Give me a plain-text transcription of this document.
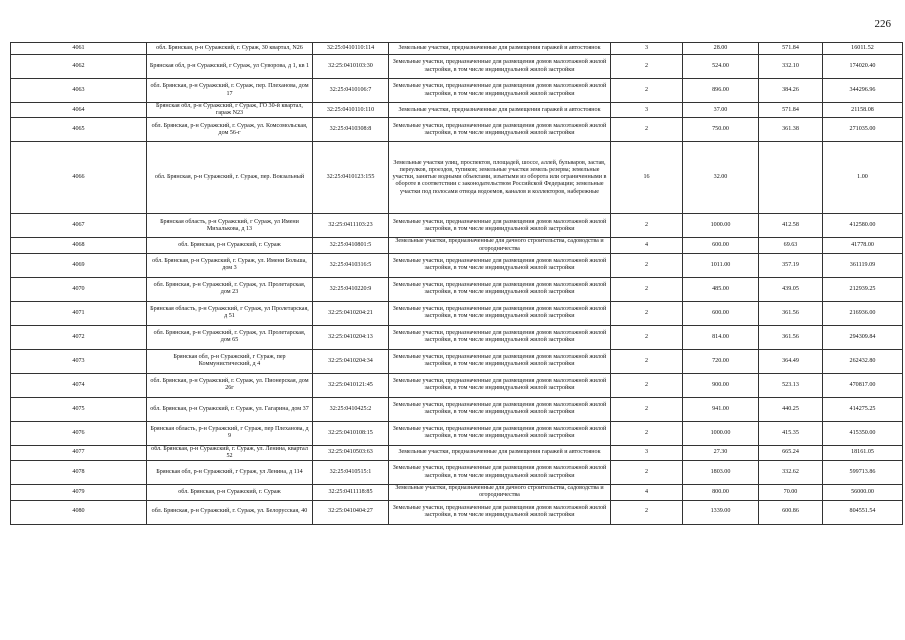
226
4061	обл. Брянская, р-н Суражский, г. Сураж, 30 квартал, N26	32:25:0410110:114	Земельные участки, предназначенные для размещения гаражей и автостоянок	3	28.00	571.84	16011.52
4062	Брянская обл, р-н Суражский, г Сураж, ул Суворова, д 1, кв 1	32:25:0410103:30	Земельные участки, предназначенные для размещения домов малоэтажной жилой застройки, в том числе индивидуальной жилой застройки	2	524.00	332.10	174020.40
4063	обл. Брянская, р-н Суражский, г. Сураж, пер. Плеханова, дом 17	32:25:0410106:7	Земельные участки, предназначенные для размещения домов малоэтажной жилой застройки, в том числе индивидуальной жилой застройки	2	896.00	384.26	344296.96
4064	Брянская обл, р-н Суражский, г Сураж, ГО 30-й квартал, гараж N23	32:25:0410110:110	Земельные участки, предназначенные для размещения гаражей и автостоянок	3	37.00	571.84	21158.08
4065	обл. Брянская, р-н Суражский, г. Сураж, ул. Комсомольская, дом 56-г	32:25:0410308:8	Земельные участки, предназначенные для размещения домов малоэтажной жилой застройки, в том числе индивидуальной жилой застройки	2	750.00	361.38	271035.00
4066	обл. Брянская, р-н Суражский, г. Сураж, пер. Вокзальный	32:25:0410123:155	Земельные участки улиц, проспектов, площадей, шоссе, аллей, бульваров, застав, переулков, проездов, тупиков; земельные участки земель резерва; земельные участки, занятые водными объектами, изъятыми из оборота или ограниченными в обороте в соответствии с законодательством Российской Федерации; земельные участки под полосами отвода водоемов, каналов и коллекторов, набережные	16	32.00		1.00
4067	Брянская область, р-н Суражский, г Сураж, ул Имени Михалькова, д 13	32:25:0411103:23	Земельные участки, предназначенные для размещения домов малоэтажной жилой застройки, в том числе индивидуальной жилой застройки	2	1000.00	412.58	412580.00
4068	обл. Брянская, р-н Суражский, г. Сураж	32:25:0410801:5	Земельные участки, предназначенные для дачного строительства, садоводства и огородничества	4	600.00	69.63	41778.00
4069	обл. Брянская, р-н Суражский, г. Сураж, ул. Имени Больша, дом 3	32:25:0410316:5	Земельные участки, предназначенные для размещения домов малоэтажной жилой застройки, в том числе индивидуальной жилой застройки	2	1011.00	357.19	361119.09
4070	обл. Брянская, р-н Суражский, г. Сураж, ул. Пролетарская, дом 23	32:25:0410220:9	Земельные участки, предназначенные для размещения домов малоэтажной жилой застройки, в том числе индивидуальной жилой застройки	2	485.00	439.05	212939.25
4071	Брянская область, р-н Суражский, г Сураж, ул Пролетарская, д 51	32:25:0410204:21	Земельные участки, предназначенные для размещения домов малоэтажной жилой застройки, в том числе индивидуальной жилой застройки	2	600.00	361.56	216936.00
4072	обл. Брянская, р-н Суражский, г. Сураж, ул. Пролетарская, дом 65	32:25:0410204:13	Земельные участки, предназначенные для размещения домов малоэтажной жилой застройки, в том числе индивидуальной жилой застройки	2	814.00	361.56	294309.84
4073	Брянская обл, р-н Суражский, г Сураж, пер Коммунистический, д 4	32:25:0410204:34	Земельные участки, предназначенные для размещения домов малоэтажной жилой застройки, в том числе индивидуальной жилой застройки	2	720.00	364.49	262432.80
4074	обл. Брянская, р-н Суражский, г. Сураж, ул. Пионерская, дом 26г	32:25:0410121:45	Земельные участки, предназначенные для размещения домов малоэтажной жилой застройки, в том числе индивидуальной жилой застройки	2	900.00	523.13	470817.00
4075	обл. Брянская, р-н Суражский, г. Сураж, ул. Гагарина, дом 37	32:25:0410425:2	Земельные участки, предназначенные для размещения домов малоэтажной жилой застройки, в том числе индивидуальной жилой застройки	2	941.00	440.25	414275.25
4076	Брянская область, р-н Суражский, г Сураж, пер Плеханова, д 9	32:25:0410108:15	Земельные участки, предназначенные для размещения домов малоэтажной жилой застройки, в том числе индивидуальной жилой застройки	2	1000.00	415.35	415350.00
4077	обл. Брянская, р-н Суражский, г. Сураж, ул. Ленина, квартал 52	32:25:0410503:63	Земельные участки, предназначенные для размещения гаражей и автостоянок	3	27.30	665.24	18161.05
4078	Брянская обл, р-н Суражский, г Сураж, ул Ленина, д 114	32:25:0410515:1	Земельные участки, предназначенные для размещения домов малоэтажной жилой застройки, в том числе индивидуальной жилой застройки	2	1803.00	332.62	599713.86
4079	обл. Брянская, р-н Суражский, г. Сураж	32:25:0411118:85	Земельные участки, предназначенные для дачного строительства, садоводства и огородничества	4	800.00	70.00	56000.00
4080	обл. Брянская, р-н Суражский, г. Сураж, ул. Белорусская, 40	32:25:0410404:27	Земельные участки, предназначенные для размещения домов малоэтажной жилой застройки, в том числе индивидуальной жилой застройки	2	1339.00	600.86	804551.54
